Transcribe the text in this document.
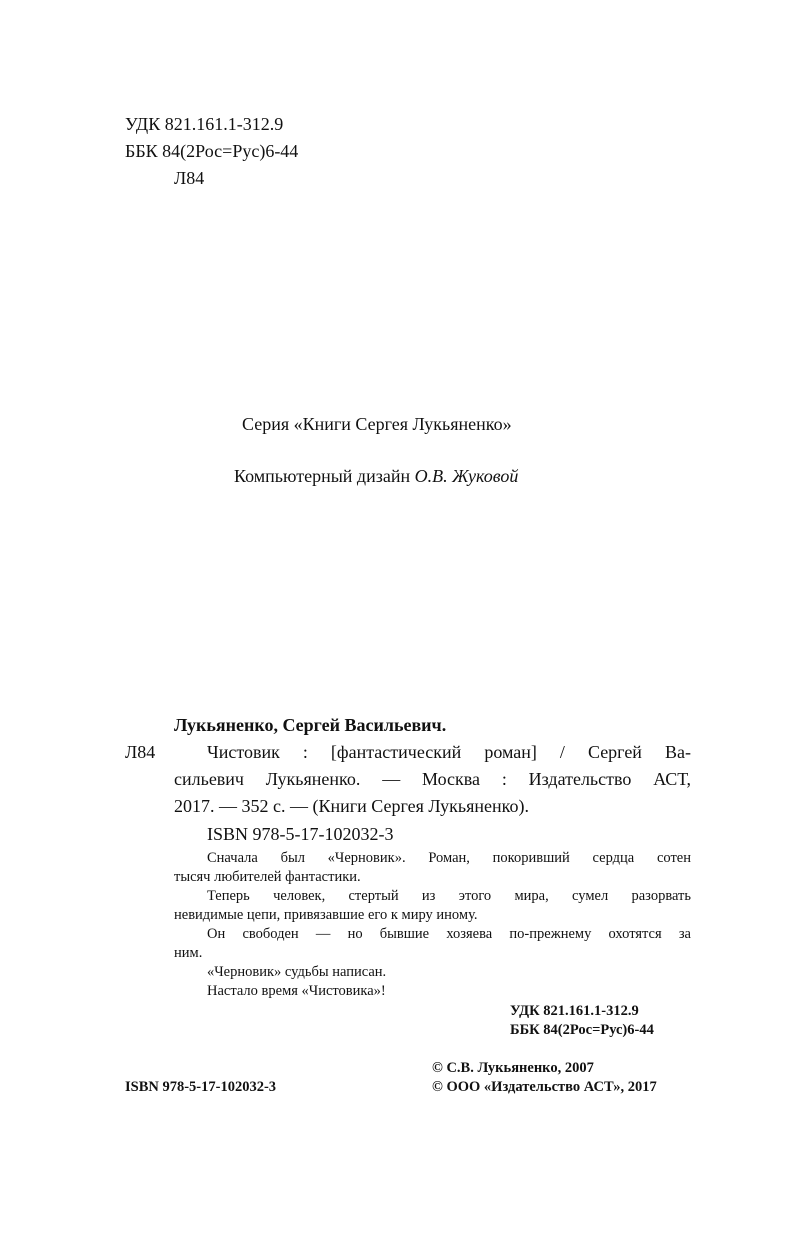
УДК 821.161.1-312.9
ББК 84(2Рос=Рус)6-44
Л84
Серия «Книги Сергея Лукьяненко»
Компьютерный дизайн О.В. Жуковой
Лукьяненко, Сергей Васильевич.
Л84	Чистовик : [фантастический роман] / Сергей Ва-
сильевич Лукьяненко. — Москва : Издательство АСТ,
2017. — 352 с. — (Книги Сергея Лукьяненко).
ISBN 978-5-17-102032-3
Сначала был «Черновик». Роман, покоривший сердца сотен
тысяч любителей фантастики.
Теперь человек, стертый из этого мира, сумел разорвать
невидимые цепи, привязавшие его к миру иному.
Он свободен — но бывшие хозяева по-прежнему охотятся за
ним.
«Черновик» судьбы написан.
Настало время «Чистовика»!
УДК 821.161.1-312.9
ББК 84(2Рос=Рус)6-44
© С.В. Лукьяненко, 2007
ISBN 978-5-17-102032-3	© ООО «Издательство АСТ», 2017
